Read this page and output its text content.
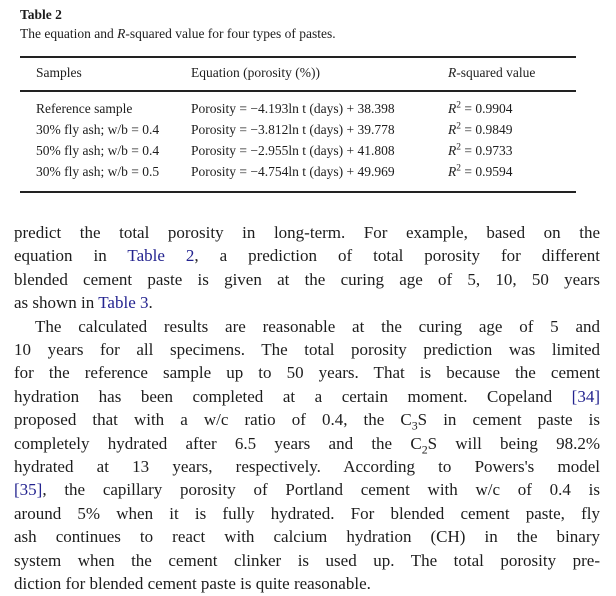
Table 2
The equation and R-squared value for four types of pastes.
Samples	Equation (porosity (%))	R-squared value
Reference sample	Porosity = −4.193ln t (days) + 38.398	$R^2 = 0.9904$
30% fly ash; w/b = 0.4	Porosity = −3.812ln t (days) + 39.778	$R^2 = 0.9849$
50% fly ash; w/b = 0.4	Porosity = −2.955ln t (days) + 41.808	$R^2 = 0.9733$
30% fly ash; w/b = 0.5	Porosity = −4.754ln t (days) + 49.969	$R^2 = 0.9594$
predict the total porosity in long-term. For example, based on the
equation in Table 2, a prediction of total porosity for different
blended cement paste is given at the curing age of 5, 10, 50 years
as shown in Table 3.
The calculated results are reasonable at the curing age of 5 and
10 years for all specimens. The total porosity prediction was limited
for the reference sample up to 50 years. That is because the cement
hydration has been completed at a certain moment. Copeland [34]
proposed that with a w/c ratio of 0.4, the $C_3S$ in cement paste is
completely hydrated after 6.5 years and the $C_2S$ will being 98.2%
hydrated at 13 years, respectively. According to Powers's model
[35], the capillary porosity of Portland cement with w/c of 0.4 is
around 5% when it is fully hydrated. For blended cement paste, fly
ash continues to react with calcium hydration (CH) in the binary
system when the cement clinker is used up. The total porosity pre-
diction for blended cement paste is quite reasonable.
